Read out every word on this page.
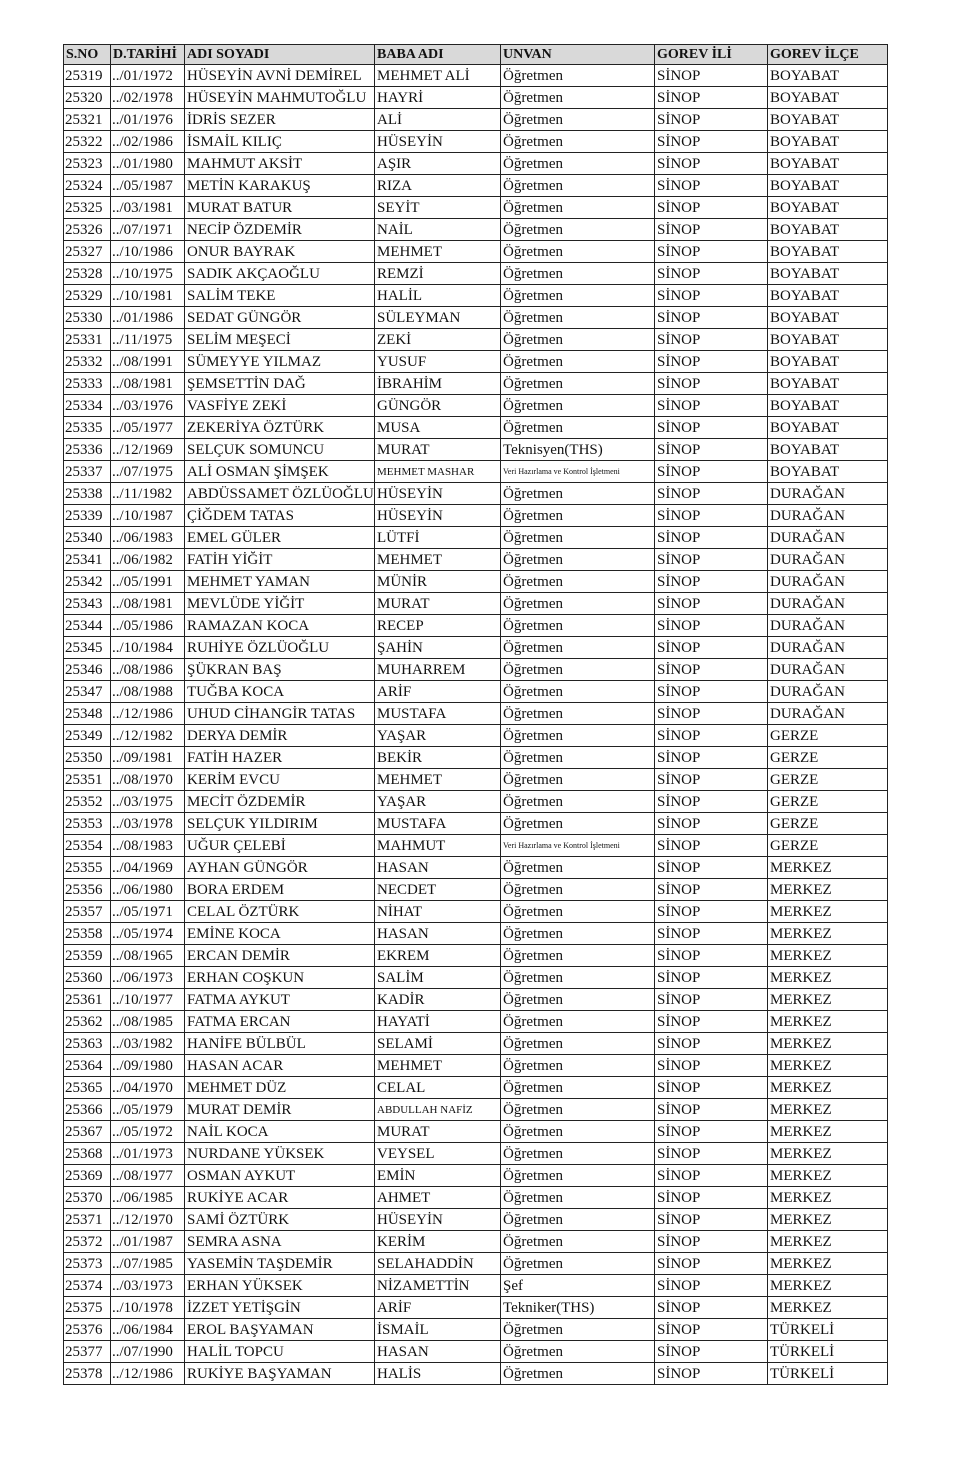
S.NO	D.TARİHİ	ADI SOYADI	BABA ADI	UNVAN	GOREV İLİ	GOREV İLÇE
25319	../01/1972	HÜSEYİN AVNİ DEMİREL	MEHMET ALİ	Öğretmen	SİNOP	BOYABAT
25320	../02/1978	HÜSEYİN MAHMUTOĞLU	HAYRİ	Öğretmen	SİNOP	BOYABAT
25321	../01/1976	İDRİS SEZER	ALİ	Öğretmen	SİNOP	BOYABAT
25322	../02/1986	İSMAİL KILIÇ	HÜSEYİN	Öğretmen	SİNOP	BOYABAT
25323	../01/1980	MAHMUT AKSİT	AŞIR	Öğretmen	SİNOP	BOYABAT
25324	../05/1987	METİN KARAKUŞ	RIZA	Öğretmen	SİNOP	BOYABAT
25325	../03/1981	MURAT BATUR	SEYİT	Öğretmen	SİNOP	BOYABAT
25326	../07/1971	NECİP ÖZDEMİR	NAİL	Öğretmen	SİNOP	BOYABAT
25327	../10/1986	ONUR BAYRAK	MEHMET	Öğretmen	SİNOP	BOYABAT
25328	../10/1975	SADIK AKÇAOĞLU	REMZİ	Öğretmen	SİNOP	BOYABAT
25329	../10/1981	SALİM TEKE	HALİL	Öğretmen	SİNOP	BOYABAT
25330	../01/1986	SEDAT GÜNGÖR	SÜLEYMAN	Öğretmen	SİNOP	BOYABAT
25331	../11/1975	SELİM MEŞECİ	ZEKİ	Öğretmen	SİNOP	BOYABAT
25332	../08/1991	SÜMEYYE YILMAZ	YUSUF	Öğretmen	SİNOP	BOYABAT
25333	../08/1981	ŞEMSETTİN DAĞ	İBRAHİM	Öğretmen	SİNOP	BOYABAT
25334	../03/1976	VASFİYE ZEKİ	GÜNGÖR	Öğretmen	SİNOP	BOYABAT
25335	../05/1977	ZEKERİYA ÖZTÜRK	MUSA	Öğretmen	SİNOP	BOYABAT
25336	../12/1969	SELÇUK SOMUNCU	MURAT	Teknisyen(THS)	SİNOP	BOYABAT
25337	../07/1975	ALİ OSMAN ŞİMŞEK	MEHMET MASHAR	Veri Hazırlama ve Kontrol İşletmeni	SİNOP	BOYABAT
25338	../11/1982	ABDÜSSAMET ÖZLÜOĞLU	HÜSEYİN	Öğretmen	SİNOP	DURAĞAN
25339	../10/1987	ÇİĞDEM TATAS	HÜSEYİN	Öğretmen	SİNOP	DURAĞAN
25340	../06/1983	EMEL GÜLER	LÜTFİ	Öğretmen	SİNOP	DURAĞAN
25341	../06/1982	FATİH YİĞİT	MEHMET	Öğretmen	SİNOP	DURAĞAN
25342	../05/1991	MEHMET YAMAN	MÜNİR	Öğretmen	SİNOP	DURAĞAN
25343	../08/1981	MEVLÜDE YİĞİT	MURAT	Öğretmen	SİNOP	DURAĞAN
25344	../05/1986	RAMAZAN KOCA	RECEP	Öğretmen	SİNOP	DURAĞAN
25345	../10/1984	RUHİYE ÖZLÜOĞLU	ŞAHİN	Öğretmen	SİNOP	DURAĞAN
25346	../08/1986	ŞÜKRAN BAŞ	MUHARREM	Öğretmen	SİNOP	DURAĞAN
25347	../08/1988	TUĞBA KOCA	ARİF	Öğretmen	SİNOP	DURAĞAN
25348	../12/1986	UHUD CİHANGİR TATAS	MUSTAFA	Öğretmen	SİNOP	DURAĞAN
25349	../12/1982	DERYA DEMİR	YAŞAR	Öğretmen	SİNOP	GERZE
25350	../09/1981	FATİH HAZER	BEKİR	Öğretmen	SİNOP	GERZE
25351	../08/1970	KERİM EVCU	MEHMET	Öğretmen	SİNOP	GERZE
25352	../03/1975	MECİT ÖZDEMİR	YAŞAR	Öğretmen	SİNOP	GERZE
25353	../03/1978	SELÇUK YILDIRIM	MUSTAFA	Öğretmen	SİNOP	GERZE
25354	../08/1983	UĞUR ÇELEBİ	MAHMUT	Veri Hazırlama ve Kontrol İşletmeni	SİNOP	GERZE
25355	../04/1969	AYHAN GÜNGÖR	HASAN	Öğretmen	SİNOP	MERKEZ
25356	../06/1980	BORA ERDEM	NECDET	Öğretmen	SİNOP	MERKEZ
25357	../05/1971	CELAL ÖZTÜRK	NİHAT	Öğretmen	SİNOP	MERKEZ
25358	../05/1974	EMİNE KOCA	HASAN	Öğretmen	SİNOP	MERKEZ
25359	../08/1965	ERCAN DEMİR	EKREM	Öğretmen	SİNOP	MERKEZ
25360	../06/1973	ERHAN COŞKUN	SALİM	Öğretmen	SİNOP	MERKEZ
25361	../10/1977	FATMA AYKUT	KADİR	Öğretmen	SİNOP	MERKEZ
25362	../08/1985	FATMA ERCAN	HAYATİ	Öğretmen	SİNOP	MERKEZ
25363	../03/1982	HANİFE BÜLBÜL	SELAMİ	Öğretmen	SİNOP	MERKEZ
25364	../09/1980	HASAN ACAR	MEHMET	Öğretmen	SİNOP	MERKEZ
25365	../04/1970	MEHMET DÜZ	CELAL	Öğretmen	SİNOP	MERKEZ
25366	../05/1979	MURAT DEMİR	ABDULLAH NAFİZ	Öğretmen	SİNOP	MERKEZ
25367	../05/1972	NAİL KOCA	MURAT	Öğretmen	SİNOP	MERKEZ
25368	../01/1973	NURDANE YÜKSEK	VEYSEL	Öğretmen	SİNOP	MERKEZ
25369	../08/1977	OSMAN AYKUT	EMİN	Öğretmen	SİNOP	MERKEZ
25370	../06/1985	RUKİYE ACAR	AHMET	Öğretmen	SİNOP	MERKEZ
25371	../12/1970	SAMİ ÖZTÜRK	HÜSEYİN	Öğretmen	SİNOP	MERKEZ
25372	../01/1987	SEMRA ASNA	KERİM	Öğretmen	SİNOP	MERKEZ
25373	../07/1985	YASEMİN TAŞDEMİR	SELAHADDİN	Öğretmen	SİNOP	MERKEZ
25374	../03/1973	ERHAN YÜKSEK	NİZAMETTİN	Şef	SİNOP	MERKEZ
25375	../10/1978	İZZET YETİŞGİN	ARİF	Tekniker(THS)	SİNOP	MERKEZ
25376	../06/1984	EROL BAŞYAMAN	İSMAİL	Öğretmen	SİNOP	TÜRKELİ
25377	../07/1990	HALİL TOPCU	HASAN	Öğretmen	SİNOP	TÜRKELİ
25378	../12/1986	RUKİYE BAŞYAMAN	HALİS	Öğretmen	SİNOP	TÜRKELİ
